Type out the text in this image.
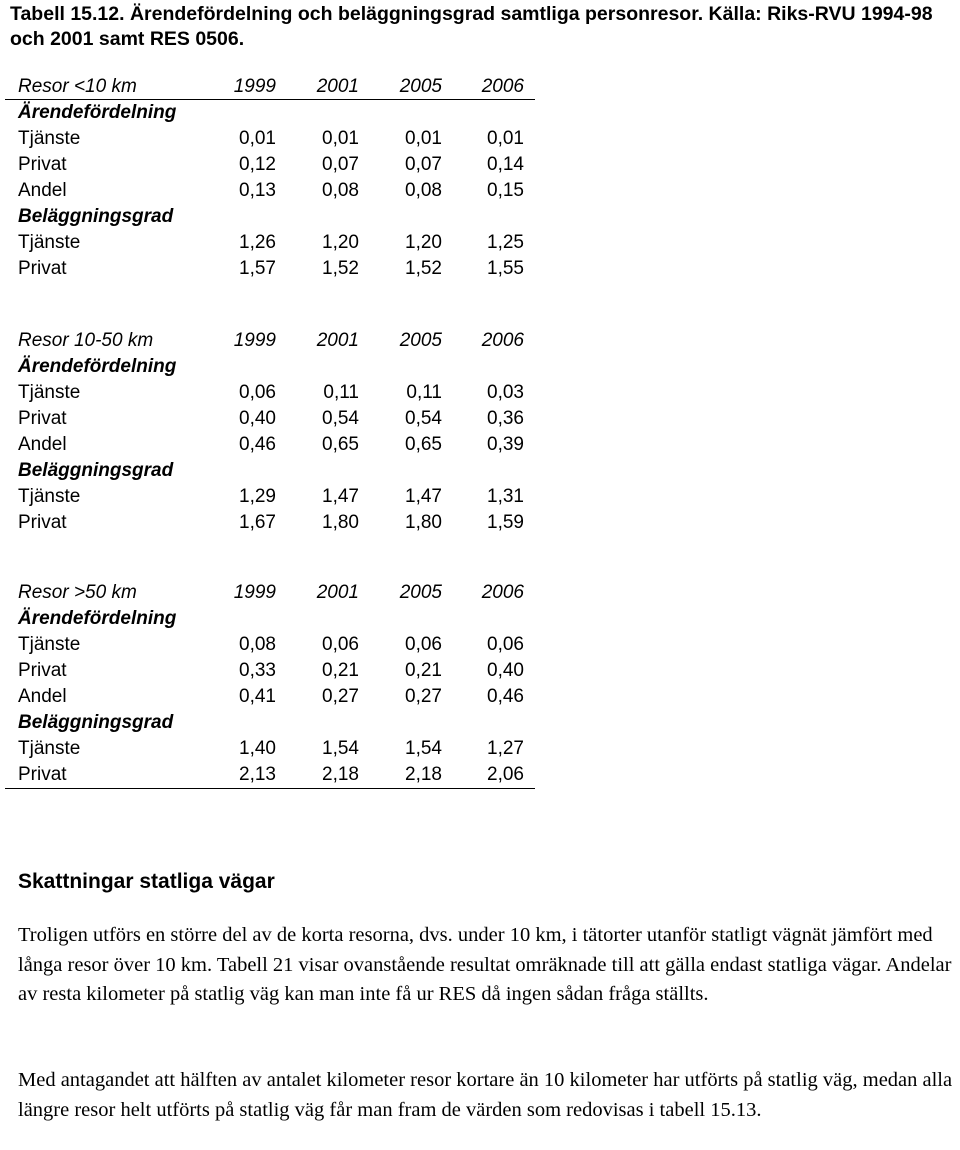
Tabell 15.12. Ärendefördelning och beläggningsgrad samtliga personresor. Källa: Riks-RVU 1994-98 och 2001 samt RES 0506.
Resor <10 km	1999	2001	2005	2006
Ärendefördelning
Tjänste	0,01	0,01	0,01	0,01
Privat	0,12	0,07	0,07	0,14
Andel	0,13	0,08	0,08	0,15
Beläggningsgrad
Tjänste	1,26	1,20	1,20	1,25
Privat	1,57	1,52	1,52	1,55
Resor 10-50 km	1999	2001	2005	2006
Ärendefördelning
Tjänste	0,06	0,11	0,11	0,03
Privat	0,40	0,54	0,54	0,36
Andel	0,46	0,65	0,65	0,39
Beläggningsgrad
Tjänste	1,29	1,47	1,47	1,31
Privat	1,67	1,80	1,80	1,59
Resor >50 km	1999	2001	2005	2006
Ärendefördelning
Tjänste	0,08	0,06	0,06	0,06
Privat	0,33	0,21	0,21	0,40
Andel	0,41	0,27	0,27	0,46
Beläggningsgrad
Tjänste	1,40	1,54	1,54	1,27
Privat	2,13	2,18	2,18	2,06
Skattningar statliga vägar
Troligen utförs en större del av de korta resorna, dvs. under 10 km, i tätorter utanför statligt vägnät jämfört med långa resor över 10 km. Tabell 21 visar ovanstående resultat omräknade till att gälla endast statliga vägar. Andelar av resta kilometer på statlig väg kan man inte få ur RES då ingen sådan fråga ställts.
Med antagandet att hälften av antalet kilometer resor kortare än 10 kilometer har utförts på statlig väg, medan alla längre resor helt utförts på statlig väg får man fram de värden som redovisas i tabell 15.13.
